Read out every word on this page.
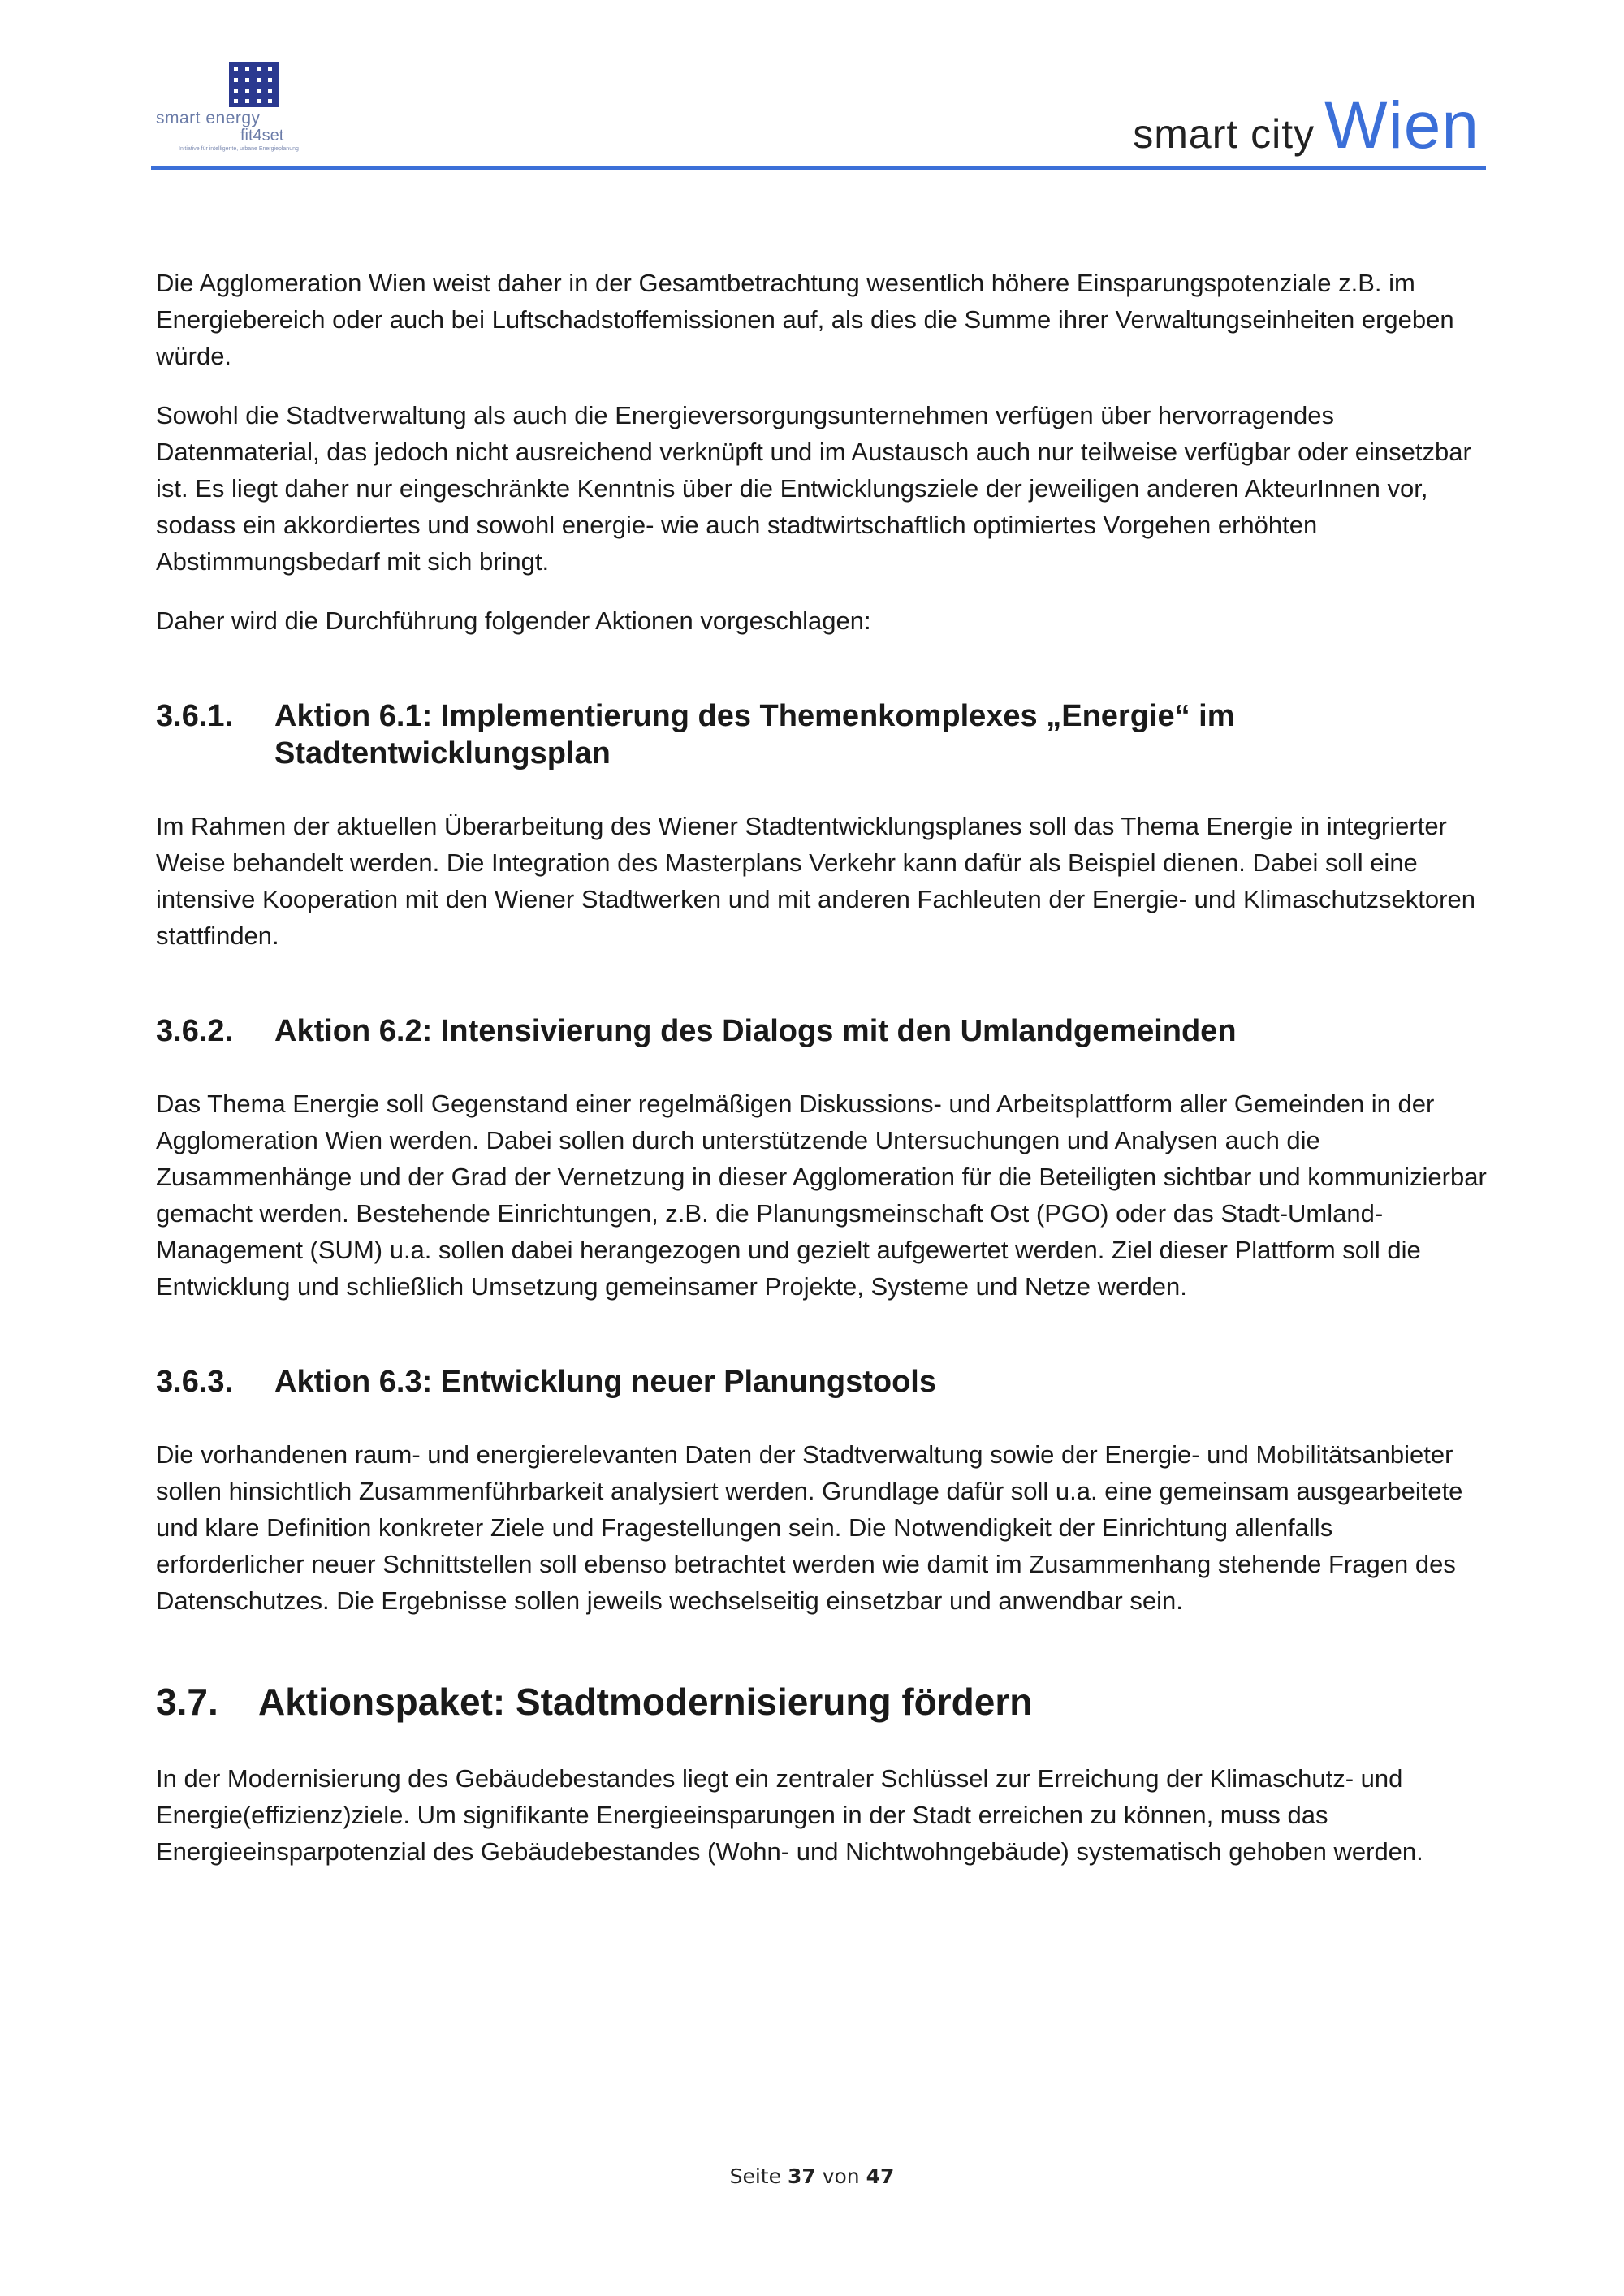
smart energy
fit4set
Initiative für intelligente, urbane Energieplanung	smart city Wien

Die Agglomeration Wien weist daher in der Gesamtbetrachtung wesentlich höhere Einsparungspotenziale z.B. im Energiebereich oder auch bei Luftschadstoffemissionen auf, als dies die Summe ihrer Verwaltungseinheiten ergeben würde.

Sowohl die Stadtverwaltung als auch die Energieversorgungsunternehmen verfügen über hervorragendes Datenmaterial, das jedoch nicht ausreichend verknüpft und im Austausch auch nur teilweise verfügbar oder einsetzbar ist. Es liegt daher nur eingeschränkte Kenntnis über die Entwicklungsziele der jeweiligen anderen AkteurInnen vor, sodass ein akkordiertes und sowohl energie- wie auch stadtwirtschaftlich optimiertes Vorgehen erhöhten Abstimmungsbedarf mit sich bringt.

Daher wird die Durchführung folgender Aktionen vorgeschlagen:

3.6.1.	Aktion 6.1: Implementierung des Themenkomplexes „Energie“ im Stadtentwicklungsplan

Im Rahmen der aktuellen Überarbeitung des Wiener Stadtentwicklungsplanes soll das Thema Energie in integrierter Weise behandelt werden. Die Integration des Masterplans Verkehr kann dafür als Beispiel dienen. Dabei soll eine intensive Kooperation mit den Wiener Stadtwerken und mit anderen Fachleuten der Energie- und Klimaschutzsektoren stattfinden.

3.6.2.	Aktion 6.2: Intensivierung des Dialogs mit den Umlandgemeinden

Das Thema Energie soll Gegenstand einer regelmäßigen Diskussions- und Arbeitsplattform aller Gemeinden in der Agglomeration Wien werden. Dabei sollen durch unterstützende Untersuchungen und Analysen auch die Zusammenhänge und der Grad der Vernetzung in dieser Agglomeration für die Beteiligten sichtbar und kommunizierbar gemacht werden. Bestehende Einrichtungen, z.B. die Planungsmeinschaft Ost (PGO) oder das Stadt-Umland-Management (SUM) u.a. sollen dabei herangezogen und gezielt aufgewertet werden. Ziel dieser Plattform soll die Entwicklung und schließlich Umsetzung gemeinsamer Projekte, Systeme und Netze werden.

3.6.3.	Aktion 6.3: Entwicklung neuer Planungstools

Die vorhandenen raum- und energierelevanten Daten der Stadtverwaltung sowie der Energie- und Mobilitätsanbieter sollen hinsichtlich Zusammenführbarkeit analysiert werden. Grundlage dafür soll u.a. eine gemeinsam ausgearbeitete und klare Definition konkreter Ziele und Fragestellungen sein. Die Notwendigkeit der Einrichtung allenfalls erforderlicher neuer Schnittstellen soll ebenso betrachtet werden wie damit im Zusammenhang stehende Fragen des Datenschutzes. Die Ergebnisse sollen jeweils wechselseitig einsetzbar und anwendbar sein.

3.7.	Aktionspaket: Stadtmodernisierung fördern

In der Modernisierung des Gebäudebestandes liegt ein zentraler Schlüssel zur Erreichung der Klimaschutz- und Energie(effizienz)ziele. Um signifikante Energieeinsparungen in der Stadt erreichen zu können, muss das Energieeinsparpotenzial des Gebäudebestandes (Wohn- und Nichtwohngebäude) systematisch gehoben werden.

Seite 37 von 47
